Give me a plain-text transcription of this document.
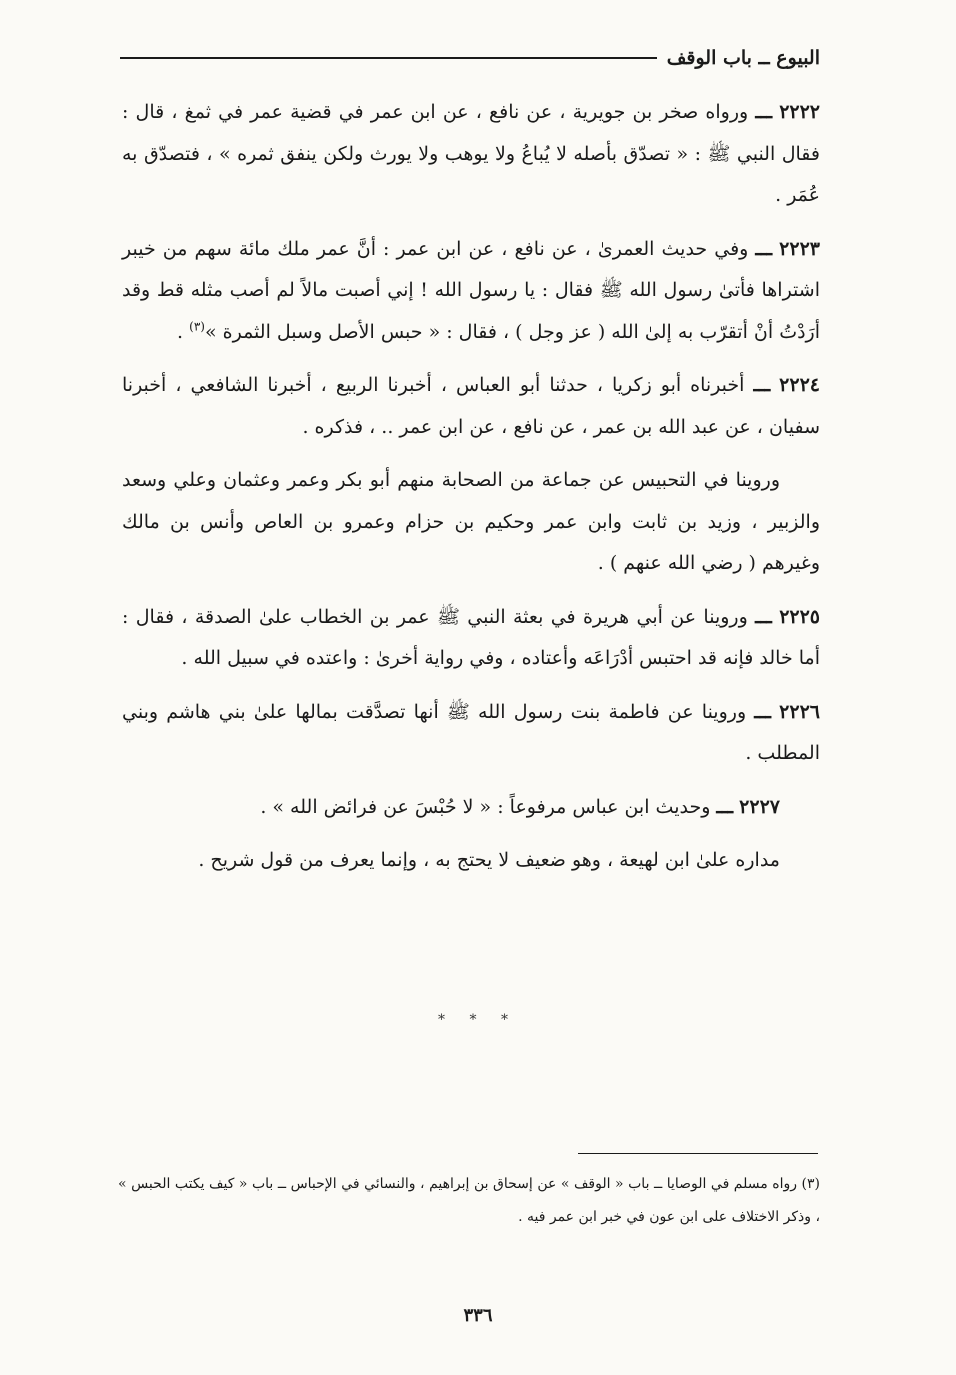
البيوع ــ باب الوقف

٢٢٢٢ ـــ ورواه صخر بن جويرية ، عن نافع ، عن ابن عمر في قضية عمر في ثمغ ، قال : فقال النبي ﷺ : « تصدّق بأصله لا يُباعُ ولا يوهب ولا يورث ولكن ينفق ثمره » ، فتصدّق به عُمَر .

٢٢٢٣ ـــ وفي حديث العمرىٰ ، عن نافع ، عن ابن عمر : أنَّ عمر ملك مائة سهم من خيبر اشتراها فأتىٰ رسول الله ﷺ فقال : يا رسول الله ! إني أصبت مالاً لم أصب مثله قط وقد أرَدْتُ أنْ أتقرّب به إلىٰ الله ( عز وجل ) ، فقال : « حبس الأصل وسبل الثمرة »$^{(٣)}$ .

٢٢٢٤ ـــ أخبرناه أبو زكريا ، حدثنا أبو العباس ، أخبرنا الربيع ، أخبرنا الشافعي ، أخبرنا سفيان ، عن عبد الله بن عمر ، عن نافع ، عن ابن عمر .. ، فذكره .

وروينا في التحبيس عن جماعة من الصحابة منهم أبو بكر وعمر وعثمان وعلي وسعد والزبير ، وزيد بن ثابت وابن عمر وحكيم بن حزام وعمرو بن العاص وأنس بن مالك وغيرهم ( رضي الله عنهم ) .

٢٢٢٥ ـــ وروينا عن أبي هريرة في بعثة النبي ﷺ عمر بن الخطاب علىٰ الصدقة ، فقال : أما خالد فإنه قد احتبس أدْرَاعَه وأعتاده ، وفي رواية أخرىٰ : واعتده في سبيل الله .

٢٢٢٦ ـــ وروينا عن فاطمة بنت رسول الله ﷺ أنها تصدَّقت بمالها علىٰ بني هاشم وبني المطلب .

٢٢٢٧ ـــ وحديث ابن عباس مرفوعاً : « لا حُبْسَ عن فرائض الله » .

مداره علىٰ ابن لهيعة ، وهو ضعيف لا يحتج به ، وإنما يعرف من قول شريح .

* * *
(٣) رواه مسلم في الوصايا ــ باب « الوقف » عن إسحاق بن إبراهيم ، والنسائي في الإحباس ــ باب « كيف يكتب الحبس » ، وذكر الاختلاف على ابن عون في خبر ابن عمر فيه .
٣٣٦
